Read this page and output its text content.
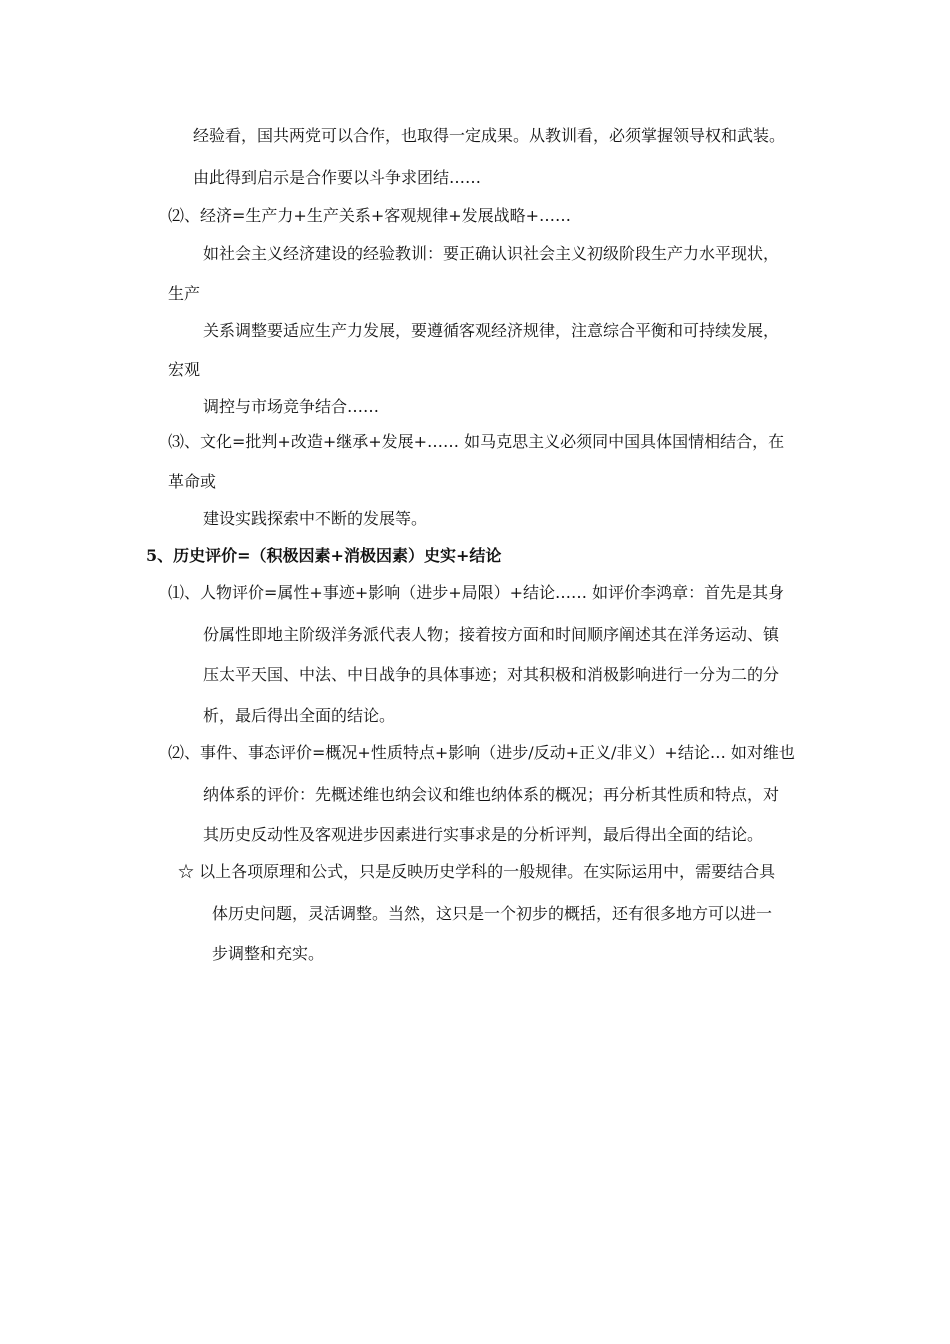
经验看，国共两党可以合作，也取得一定成果。从教训看，必须掌握领导权和武装。

由此得到启示是合作要以斗争求团结……

⑵、经济=生产力+生产关系+客观规律+发展战略+……

如社会主义经济建设的经验教训：要正确认识社会主义初级阶段生产力水平现状，

生产

关系调整要适应生产力发展，要遵循客观经济规律，注意综合平衡和可持续发展，

宏观

调控与市场竞争结合……

⑶、文化=批判+改造+继承+发展+…… 如马克思主义必须同中国具体国情相结合，在

革命或

建设实践探索中不断的发展等。

5、历史评价=（积极因素+消极因素）史实+结论

⑴、人物评价=属性+事迹+影响（进步+局限）+结论…… 如评价李鸿章：首先是其身

份属性即地主阶级洋务派代表人物；接着按方面和时间顺序阐述其在洋务运动、镇

压太平天国、中法、中日战争的具体事迹；对其积极和消极影响进行一分为二的分

析，最后得出全面的结论。

⑵、事件、事态评价=概况+性质特点+影响（进步/反动+正义/非义）+结论… 如对维也

纳体系的评价：先概述维也纳会议和维也纳体系的概况；再分析其性质和特点，对

其历史反动性及客观进步因素进行实事求是的分析评判，最后得出全面的结论。

☆ 以上各项原理和公式，只是反映历史学科的一般规律。在实际运用中，需要结合具

体历史问题，灵活调整。当然，这只是一个初步的概括，还有很多地方可以进一

步调整和充实。
